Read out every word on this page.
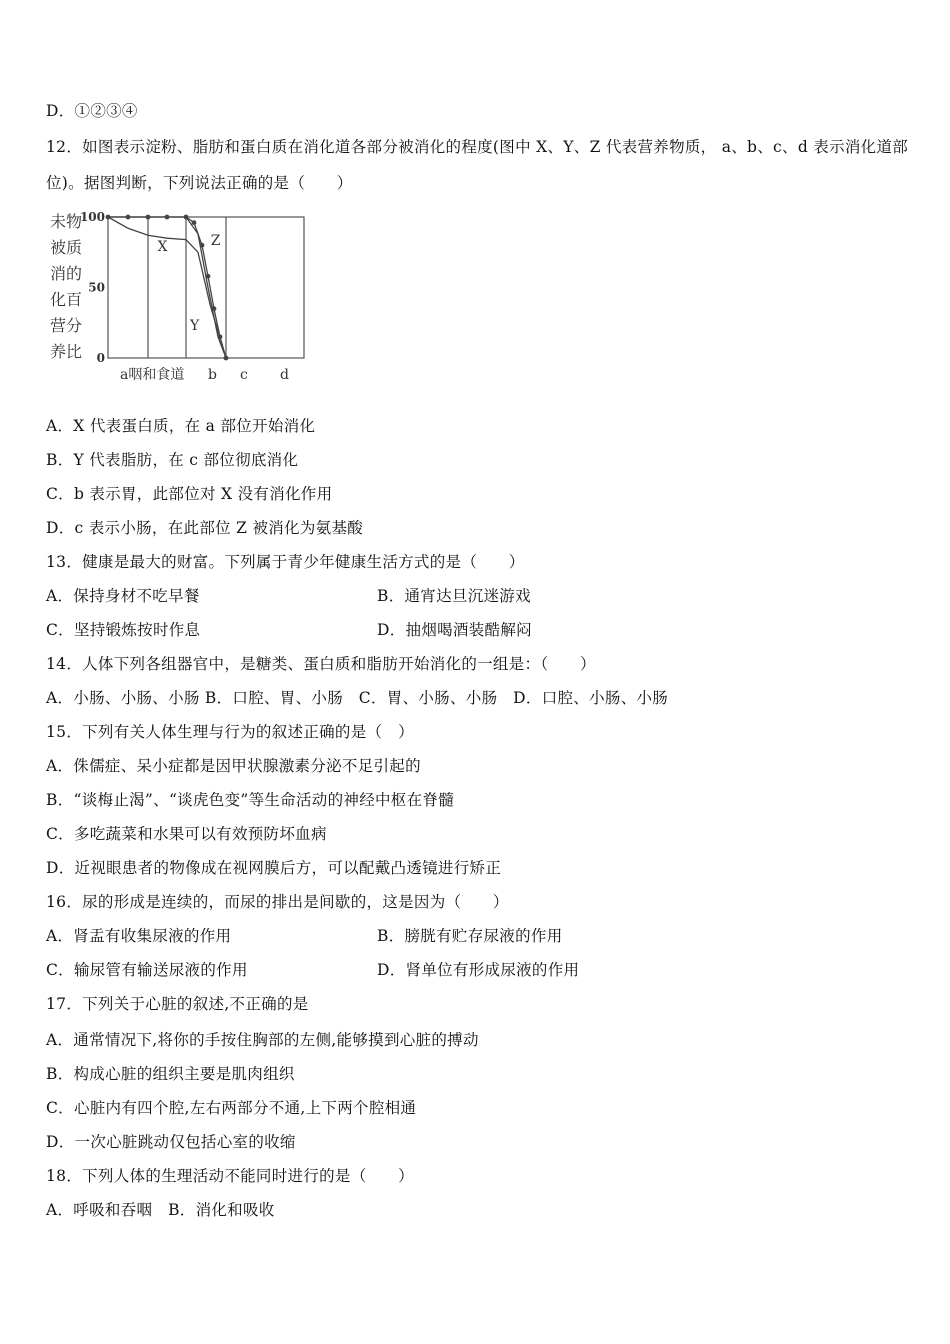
D．①②③④
12．如图表示淀粉、脂肪和蛋白质在消化道各部分被消化的程度(图中 X、Y、Z 代表营养物质， a、b、c、d 表示消化道部
位)。据图判断，下列说法正确的是（　　）
未物
被质
消的
化百
营分
养比
100
50
0
X
Y
Z
a咽和食道 b c d
A．X 代表蛋白质，在 a 部位开始消化
B．Y 代表脂肪，在 c 部位彻底消化
C．b 表示胃，此部位对 X 没有消化作用
D．c 表示小肠，在此部位 Z 被消化为氨基酸
13．健康是最大的财富。下列属于青少年健康生活方式的是（　　）
A．保持身材不吃早餐	B．通宵达旦沉迷游戏
C．坚持锻炼按时作息	D．抽烟喝酒装酷解闷
14．人体下列各组器官中，是糖类、蛋白质和脂肪开始消化的一组是：（　　）
A．小肠、小肠、小肠 B．口腔、胃、小肠　C．胃、小肠、小肠　D．口腔、小肠、小肠
15．下列有关人体生理与行为的叙述正确的是（　）
A．侏儒症、呆小症都是因甲状腺激素分泌不足引起的
B．“谈梅止渴”、“谈虎色变”等生命活动的神经中枢在脊髓
C．多吃蔬菜和水果可以有效预防坏血病
D．近视眼患者的物像成在视网膜后方，可以配戴凸透镜进行矫正
16．尿的形成是连续的，而尿的排出是间歇的，这是因为（　　）
A．肾盂有收集尿液的作用	B．膀胱有贮存尿液的作用
C．输尿管有输送尿液的作用	D．肾单位有形成尿液的作用
17．下列关于心脏的叙述,不正确的是
A．通常情况下,将你的手按住胸部的左侧,能够摸到心脏的搏动
B．构成心脏的组织主要是肌肉组织
C．心脏内有四个腔,左右两部分不通,上下两个腔相通
D．一次心脏跳动仅包括心室的收缩
18．下列人体的生理活动不能同时进行的是（　　）
A．呼吸和吞咽　B．消化和吸收
